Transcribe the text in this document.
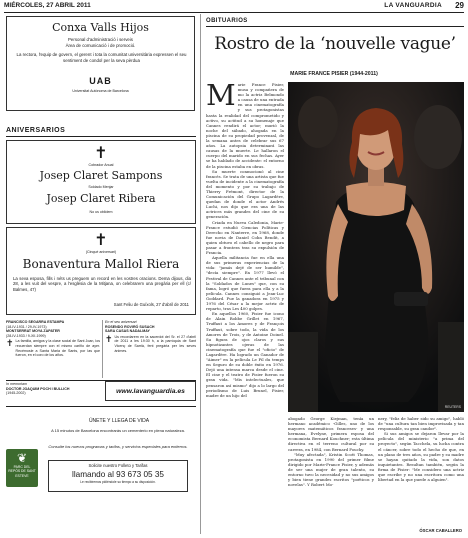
MIÉRCOLES, 27 ABRIL 2011	LA VANGUARDIA 29
Conxa Valls Hijos
Personal d'administració i serveis
Àrea de comunicació i de promoció.
La rectora, l'equip de govern, el gerent i tota la comunitat universitària expressen el seu sentiment de condol per la seva pèrdua
UAB
Universitat Autònoma de Barcelona
ANIVERSARIOS
✝
Cobrador Anual
Josep Claret Sampons
Soldado Menjar
Josep Claret Ribera
No us oblidem
✝
(Cinquè aniversari)
Bonaventura Mallol Riera
La seva esposa, fills i néts us preguem un record en les vostres oracions. Dema dijous, dia 28, a les vuit del vespre, a l'església de la Mitjana, on celebrarem una pregària per ell (c/ Balmes, 47)
Sant Feliu de Guíxols, 27 d'abril de 2011
FRANCISCO SEGARRA ESTAMPA
(18-IV-1931 / 29-IV-1973)
MONTSERRAT MOYA ZAPATER
(28-IV-1933 / 9-XII-1999)
✝ La familia, amigos y la clase social de Sant Joan, los recuerdan siempre con el mismo cariño de ayer. Recémosle a Santa Maria de Sants, por las que fueron, en el coro de los años.
En el seu aniversari
ROSENDO ROVIRÓ SUSACH
SARA CASAS NADALMAY
✝ Us recordarem en la sacerdot del Sr. el 27 d'abril de 2011 a les 19:30 h, a la parròquia de Sant Vicenç de Sarrià, fent pregària per les seves ànimes.
In memoriam
DOCTOR JOAQUIM POCH I BULLICH
(1945-2002)	www.lavanguardia.es
❦
PARC DEL REPÓS DE SANT ESTEVE
ÚNETE Y LLEGA DE VIDA
A 15 minutos de Barcelona encontrarás un cementerio en plena naturaleza.
Consulte los nuevos programas y tarifas, y servicios especiales para entierros.
Solicite nuestro Folleto y Tarifas
llamando al 93 673 05 35
Le recibiremos pidiéndole su tiempo a su disposición.
OBITUARIOS
Rostro de la ‘nouvelle vague’
MARIE FRANCE PISIER (1944-2011)

Marie France Pisier, musa y compañera de mo la actriz Belmondo a causa de una entrada en una cinematografía y sus protagonistas hasta la realidad del comprometido y activo, su actitud a su homenaje que Cannes rendirá el actor; murió la noche del sábado, ahogada en la piscina de su propiedad provenzal, de la semana antes de celebrar sus 67 años. La autopsia determinará las causas de la muerte. Le hallaron el cuerpo del marido en sus fechas. Ayer se ha hablado de accidente: el entorno de la piscina estaba en obras.

Su muerte conmocionó al cine francés. Se trata de una artista que fue vuelta de incidente a la cinematografía del momento y por su trabajo de Thierry Frémont, director de la Comunicación del Grupo Lagardère, quedan de donde el actor Andrés Luchi, nos dijo que era una de las actrices más grandes del cine de su generación.

Criada en Nueva Caledonia, Marie-France estudió Ciencias Políticas y Derecho en Nanterre, en 1968, donde fue novia de Daniel Cohn Bendit, a quien obtuvo el cabello de negro para pasar a frontera tras su expulsión de Francia.

Aquella militancia fue en ella una de sus primeras experiencias de la vida: "jamás dejé de ser humilde", "decía siempre". En 1977 llevó el Festival de Cannes ante el tribunal con la "Soldados de Lunes" que, con su fama, logró que fuera para ella y a la película. Cannes consiguió a Jean-Luc Goddard. Fue la ganadora en 1975 y 1976 del César a la mejor actriz de reparto, tras Les 400 golpes.

En aquellos 1960, Pisier fue icono de Alain Robbe Grillet en 1967, Truffaut a los Amores y de François Truffaut, sobre todo, la vida de los Amores de Trois, y de Antoine Doinel. Su figura de ojos claros y sus hipnotizantes ojeras de las cinematografía que fue el "oficio" de Lagardère. Ha logrado un Ganador de "Aimer" en la película Le Fil du temps en Seguro de su doble éxito en 1976. Dejó una intensa marca desde el cine. El cine y el teatro de Pisier fueron su gran vida. "Mis intelectuales, que pensaron así mismo" dijo a lo largo del periodismo de Luis Brunel, Pisier, madre de un hijo del

REUTERS

abogado George Kiejman, tenía un hermano académico -Gilles, uno de los mayores matemáticos franceses- y una hermana, Evelyne, primera esposa del economista Bernard Kouchner; esta última directiva en el terreno cultural por su carrera, en 1984, con Bernard Fouchy.

"Muy afectada", Kristin Scott Thomas, protagonista en 1990 del primer filme dirigido por Marie-France Pisier, y además de ser una mujer de gran talento, su entorno tuvo la necesidad y no sus amigos y bien tiene grandes escritos "poéticos y novelas". Y Robert Mo-

nery, "feliz de haber sido su amigo", habló de "una cultura tan bien improvisada y tan responsable, su gran candor".

Si sus amigos se dejaron llevar por la película del ministerio "a prima del proyecto", según Tacchela, su lucha contra el cáncer, sobre todo el hecho de que, en un plano de tres años, su padre y su madre se hayan quitado la vida, son datos inquietantes. Resultan también, según la firma de Pisier: "Me considero una actriz que escribe y no una escritora como una libertad en la que puede a alguien".

ÓSCAR CABALLERO
